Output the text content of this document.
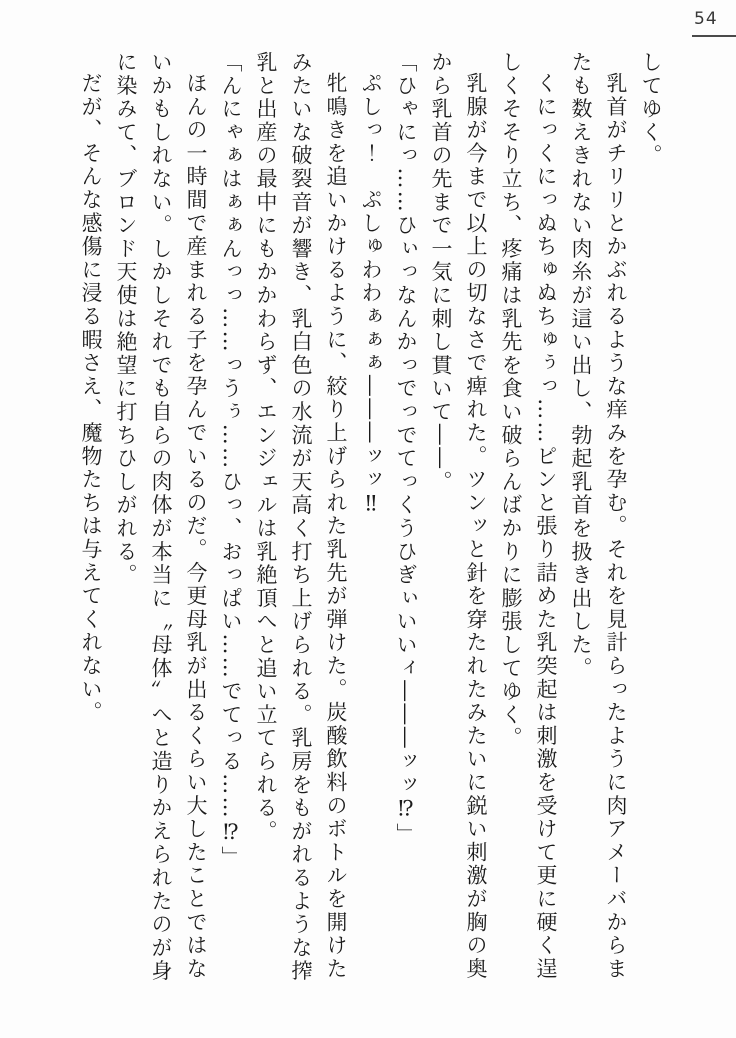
54

してゆく。

乳首がチリリとかぶれるような痒みを孕む。それを見計らったように肉アメーバからまたも数えきれない肉糸が這い出し、勃起乳首を扱き出した。

くにっくにっぬちゅぬちゅぅっ……ピンと張り詰めた乳突起は刺激を受けて更に硬く逞しくそそり立ち、疼痛は乳先を食い破らんばかりに膨張してゆく。

乳腺が今まで以上の切なさで痺れた。ツンッと針を穿たれたみたいに鋭い刺激が胸の奥から乳首の先まで一気に刺し貫いて――。

「ひゃにっ……ひぃっなんかっでっでてっくうひぎぃいいィ―――ッッ⁉」

ぷしっ！　ぷしゅわわぁぁぁ―――ッッ‼

牝鳴きを追いかけるように、絞り上げられた乳先が弾けた。炭酸飲料のボトルを開けたみたいな破裂音が響き、乳白色の水流が天高く打ち上げられる。乳房をもがれるような搾乳と出産の最中にもかかわらず、エンジェルは乳絶頂へと追い立てられる。

「んにゃぁはぁぁんっっ……っうぅ……ひっ、おっぱい……でてっる……⁉」

ほんの一時間で産まれる子を孕んでいるのだ。今更母乳が出るくらい大したことではないかもしれない。しかしそれでも自らの肉体が本当に〝母体〟へと造りかえられたのが身に染みて、ブロンド天使は絶望に打ちひしがれる。

だが、そんな感傷に浸る暇さえ、魔物たちは与えてくれない。
